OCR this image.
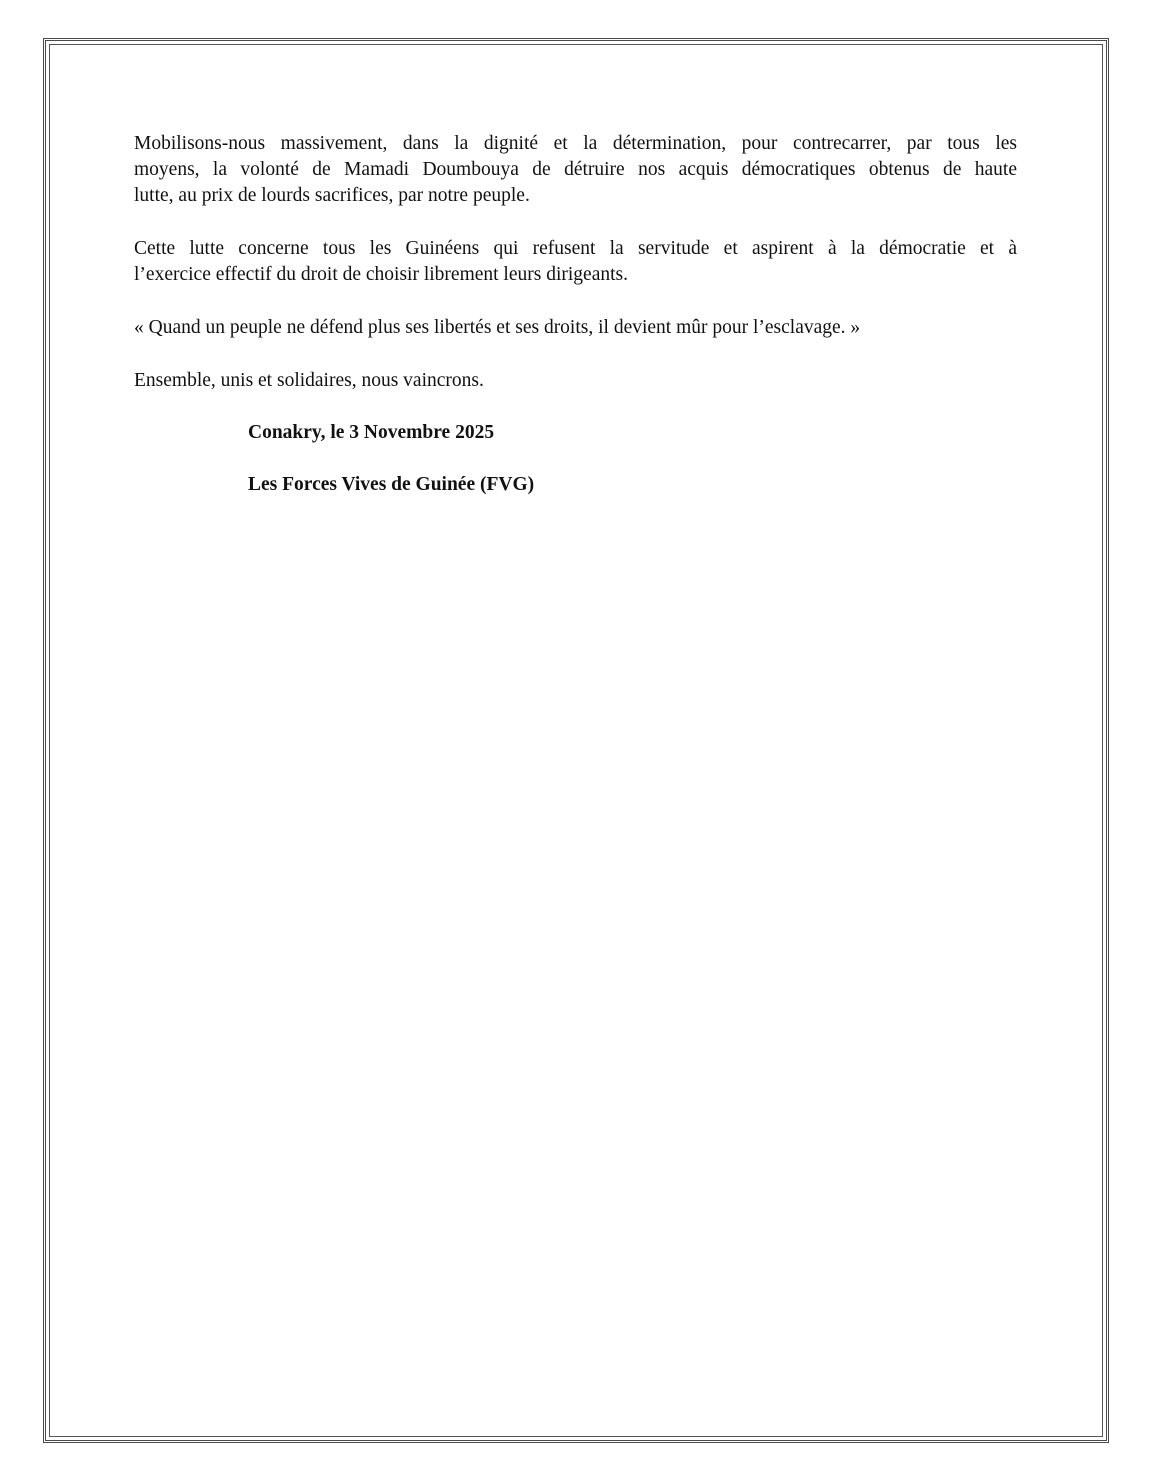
Mobilisons-nous massivement, dans la dignité et la détermination, pour contrecarrer, par tous les
moyens, la volonté de Mamadi Doumbouya de détruire nos acquis démocratiques obtenus de haute
lutte, au prix de lourds sacrifices, par notre peuple.
Cette lutte concerne tous les Guinéens qui refusent la servitude et aspirent à la démocratie et à
l’exercice effectif du droit de choisir librement leurs dirigeants.
« Quand un peuple ne défend plus ses libertés et ses droits, il devient mûr pour l’esclavage. »
Ensemble, unis et solidaires, nous vaincrons.
Conakry, le 3 Novembre 2025
Les Forces Vives de Guinée (FVG)
